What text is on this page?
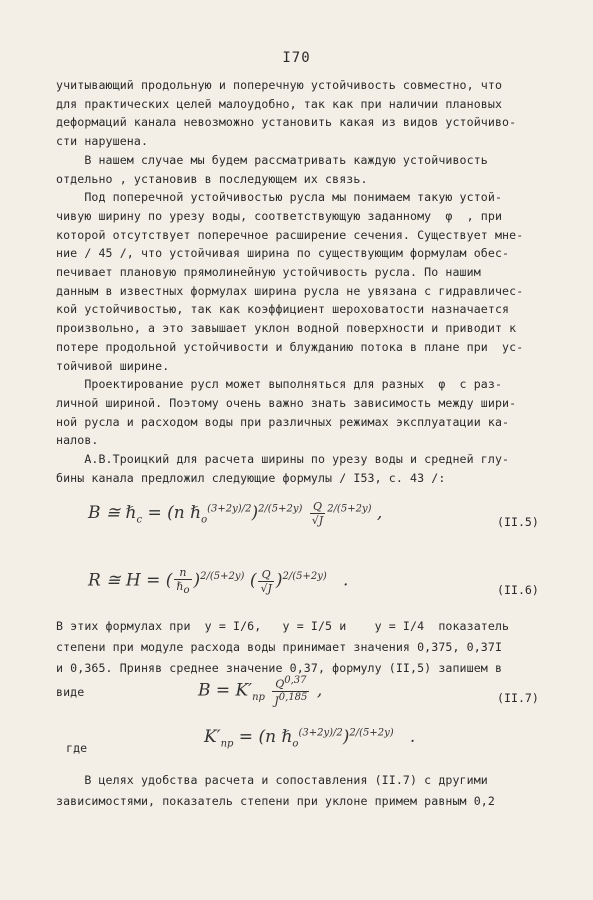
I70
учитывающий продольную и поперечную устойчивость совместно, что
для практических целей малоудобно, так как при наличии плановых
деформаций канала невозможно установить какая из видов устойчиво-
сти нарушена.
В нашем случае мы будем рассматривать каждую устойчивость
отдельно , установив в последующем их связь.
Под поперечной устойчивостью русла мы понимаем такую устой-
чивую ширину по урезу воды, соответствующую заданному  φ  , при
которой отсутствует поперечное расширение сечения. Существует мне-
ние / 45 /, что устойчивая ширина по существующим формулам обес-
печивает плановую прямолинейную устойчивость русла. По нашим
данным в известных формулах ширина русла не увязана с гидравличес-
кой устойчивостью, так как коэффициент шероховатости назначается
произвольно, а это завышает уклон водной поверхности и приводит к
потере продольной устойчивости и блужданию потока в плане при  ус-
тойчивой ширине.
Проектирование русл может выполняться для разных  φ  с раз-
личной шириной. Поэтому очень важно знать зависимость между шири-
ной русла и расходом воды при различных режимах эксплуатации ка-
налов.
А.В.Троицкий для расчета ширины по урезу воды и средней глу-
бины канала предложил следующие формулы / I53, с. 43 /:
B ≅ ℏ$_c$ = (n ℏ$_o^{(3+2y)/2}$)$^{2/(5+2y)}$ $\frac{Q}{√J} ^{2/(5+2y)}$ ,	(II.5)
R ≅ H = ( $\frac{n}{\hbar_o} )^{2/(5+2y)}$ ( $\frac{Q}{√J} )^{2/(5+2y)}$   .	(II.6)
В этих формулах при  y = I/6,   y = I/5 и    y = I/4  показатель
степени при модуле расхода воды принимает значения 0,375, 0,37I
и 0,365. Приняв среднее значение 0,37, формулу (II,5) запишем в
виде	$B = K'_{пр} \frac{Q^{0,37}}{J^{0,185}}$ ,	(II.7)
где
$K'_{пр} = (n$ ℏ$_o^{(3+2y)/2}$)$^{2/(5+2y)}$   .
В целях удобства расчета и сопоставления (II.7) с другими
зависимостями, показатель степени при уклоне примем равным 0,2
